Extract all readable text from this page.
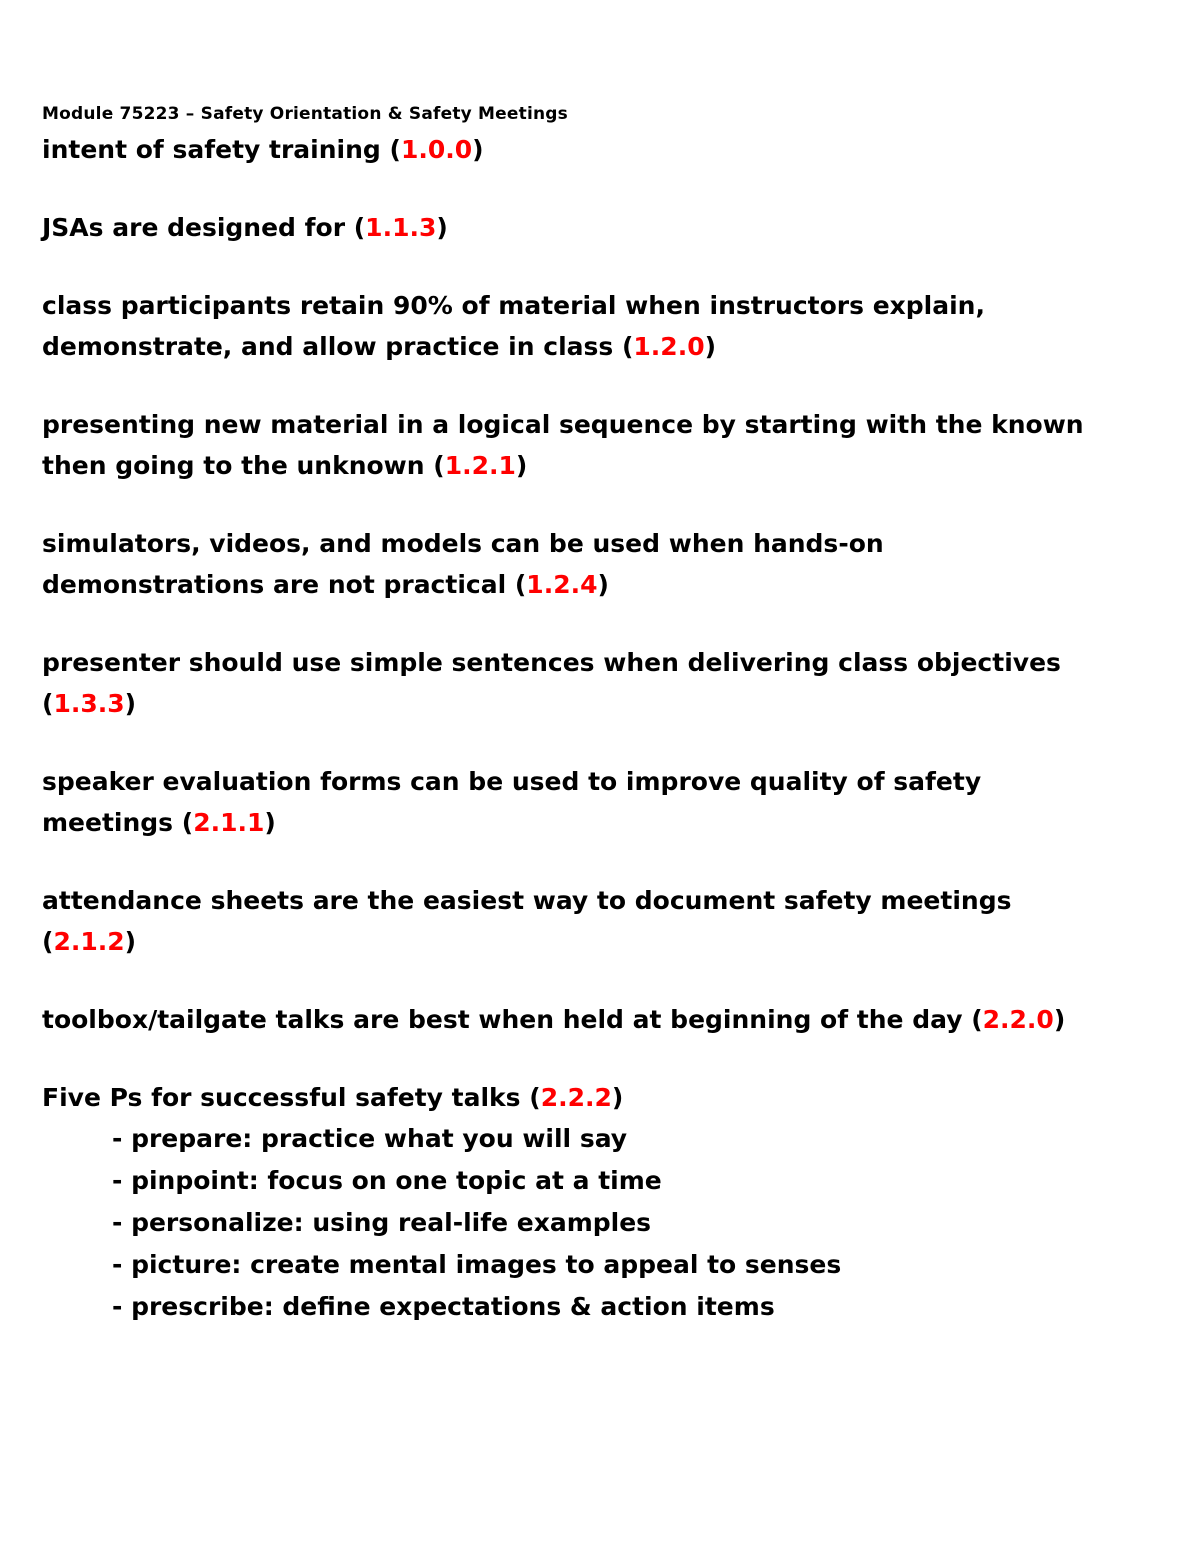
Module 75223 – Safety Orientation & Safety Meetings

intent of safety training (1.0.0)

JSAs are designed for (1.1.3)

class participants retain 90% of material when instructors explain,
demonstrate, and allow practice in class (1.2.0)

presenting new material in a logical sequence by starting with the known
then going to the unknown (1.2.1)

simulators, videos, and models can be used when hands-on
demonstrations are not practical (1.2.4)

presenter should use simple sentences when delivering class objectives
(1.3.3)

speaker evaluation forms can be used to improve quality of safety
meetings (2.1.1)

attendance sheets are the easiest way to document safety meetings
(2.1.2)

toolbox/tailgate talks are best when held at beginning of the day (2.2.0)

Five Ps for successful safety talks (2.2.2)

- prepare: practice what you will say

- pinpoint: focus on one topic at a time

- personalize: using real-life examples

- picture: create mental images to appeal to senses

- prescribe: define expectations & action items
